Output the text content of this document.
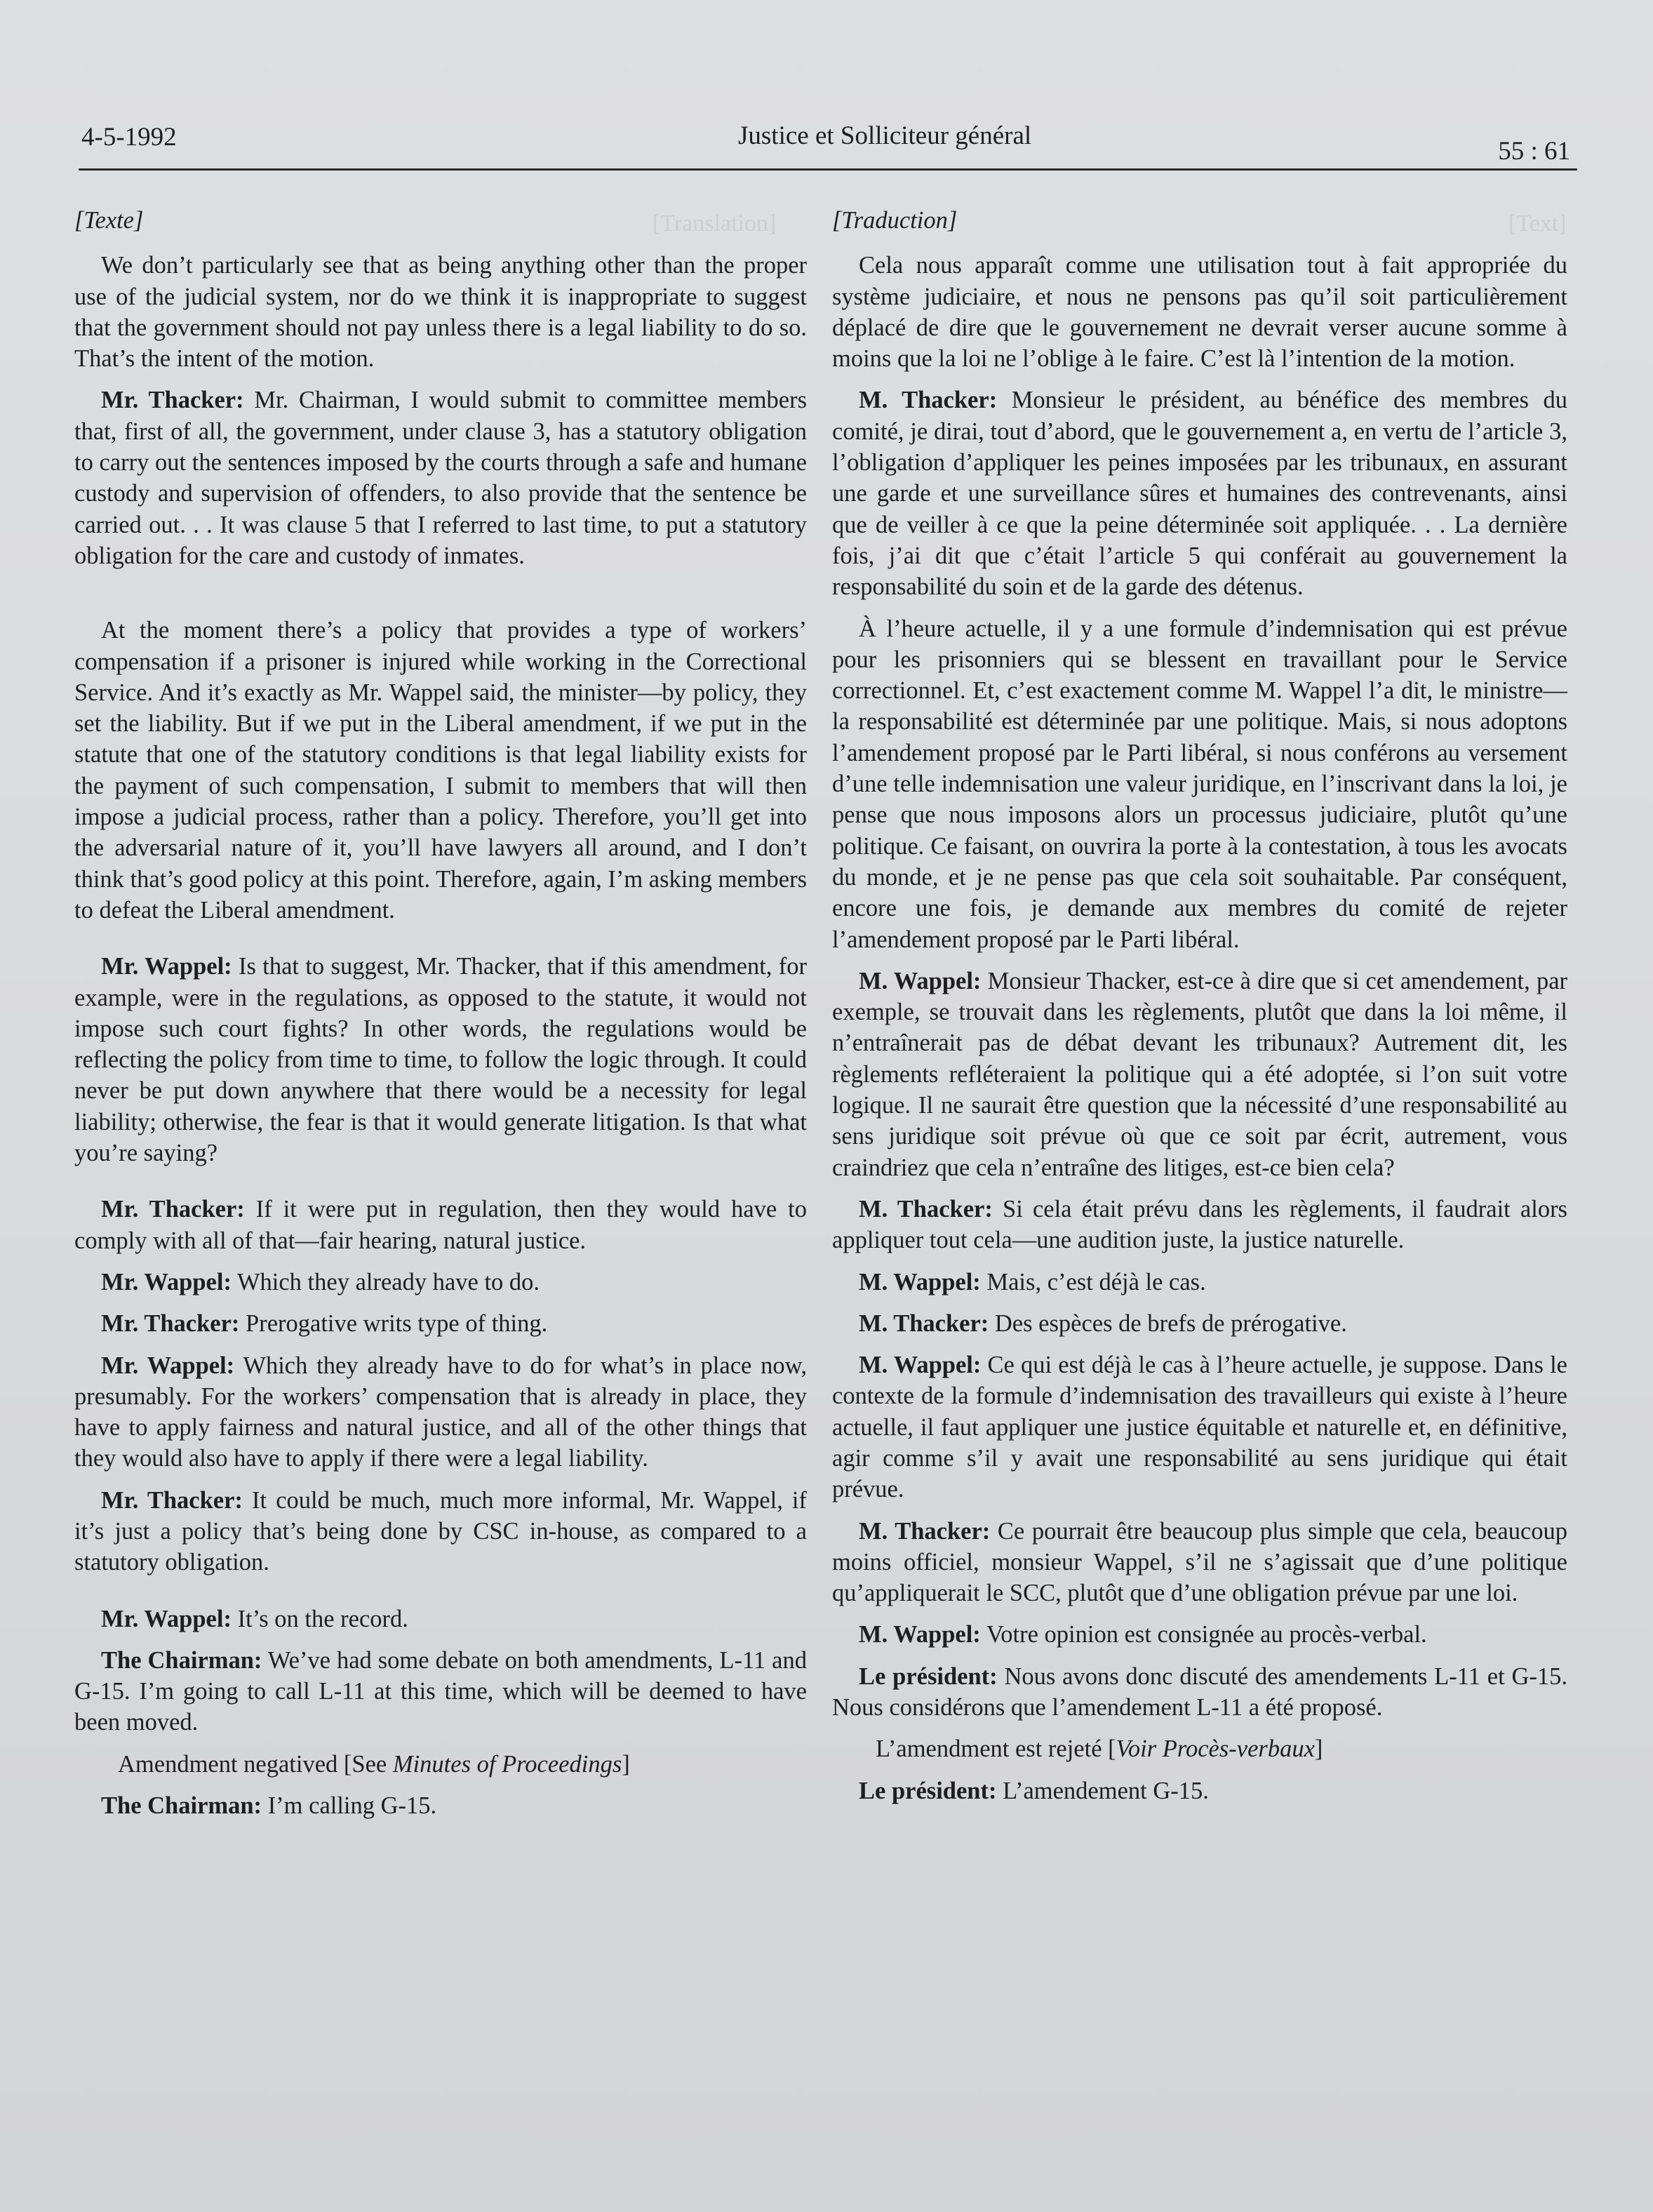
[Translation]	[Text]
4-5-1992	Justice et Solliciteur général
55 : 61

[Texte]

We don’t particularly see that as being anything other than the proper use of the judicial system, nor do we think it is inappropriate to suggest that the government should not pay unless there is a legal liability to do so. That’s the intent of the motion.

Mr. Thacker: Mr. Chairman, I would submit to committee members that, first of all, the government, under clause 3, has a statutory obligation to carry out the sentences imposed by the courts through a safe and humane custody and supervision of offenders, to also provide that the sentence be carried out. . . It was clause 5 that I referred to last time, to put a statutory obligation for the care and custody of inmates.

At the moment there’s a policy that provides a type of workers’ compensation if a prisoner is injured while working in the Correctional Service. And it’s exactly as Mr. Wappel said, the minister—by policy, they set the liability. But if we put in the Liberal amendment, if we put in the statute that one of the statutory conditions is that legal liability exists for the payment of such compensation, I submit to members that will then impose a judicial process, rather than a policy. Therefore, you’ll get into the adversarial nature of it, you’ll have lawyers all around, and I don’t think that’s good policy at this point. Therefore, again, I’m asking members to defeat the Liberal amendment.

Mr. Wappel: Is that to suggest, Mr. Thacker, that if this amendment, for example, were in the regulations, as opposed to the statute, it would not impose such court fights? In other words, the regulations would be reflecting the policy from time to time, to follow the logic through. It could never be put down anywhere that there would be a necessity for legal liability; otherwise, the fear is that it would generate litigation. Is that what you’re saying?

Mr. Thacker: If it were put in regulation, then they would have to comply with all of that—fair hearing, natural justice.

Mr. Wappel: Which they already have to do.

Mr. Thacker: Prerogative writs type of thing.

Mr. Wappel: Which they already have to do for what’s in place now, presumably. For the workers’ compensation that is already in place, they have to apply fairness and natural justice, and all of the other things that they would also have to apply if there were a legal liability.

Mr. Thacker: It could be much, much more informal, Mr. Wappel, if it’s just a policy that’s being done by CSC in-house, as compared to a statutory obligation.

Mr. Wappel: It’s on the record.

The Chairman: We’ve had some debate on both amendments, L-11 and G-15. I’m going to call L-11 at this time, which will be deemed to have been moved.

Amendment negatived [See Minutes of Proceedings]

The Chairman: I’m calling G-15.

[Traduction]

Cela nous apparaît comme une utilisation tout à fait appropriée du système judiciaire, et nous ne pensons pas qu’il soit particulièrement déplacé de dire que le gouvernement ne devrait verser aucune somme à moins que la loi ne l’oblige à le faire. C’est là l’intention de la motion.

M. Thacker: Monsieur le président, au bénéfice des membres du comité, je dirai, tout d’abord, que le gouvernement a, en vertu de l’article 3, l’obligation d’appliquer les peines imposées par les tribunaux, en assurant une garde et une surveillance sûres et humaines des contrevenants, ainsi que de veiller à ce que la peine déterminée soit appliquée. . . La dernière fois, j’ai dit que c’était l’article 5 qui conférait au gouvernement la responsabilité du soin et de la garde des détenus.

À l’heure actuelle, il y a une formule d’indemnisation qui est prévue pour les prisonniers qui se blessent en travaillant pour le Service correctionnel. Et, c’est exactement comme M. Wappel l’a dit, le ministre—la responsabilité est déterminée par une politique. Mais, si nous adoptons l’amendement proposé par le Parti libéral, si nous conférons au versement d’une telle indemnisation une valeur juridique, en l’inscrivant dans la loi, je pense que nous imposons alors un processus judiciaire, plutôt qu’une politique. Ce faisant, on ouvrira la porte à la contestation, à tous les avocats du monde, et je ne pense pas que cela soit souhaitable. Par conséquent, encore une fois, je demande aux membres du comité de rejeter l’amendement proposé par le Parti libéral.

M. Wappel: Monsieur Thacker, est-ce à dire que si cet amendement, par exemple, se trouvait dans les règlements, plutôt que dans la loi même, il n’entraînerait pas de débat devant les tribunaux? Autrement dit, les règlements refléteraient la politique qui a été adoptée, si l’on suit votre logique. Il ne saurait être question que la nécessité d’une responsabilité au sens juridique soit prévue où que ce soit par écrit, autrement, vous craindriez que cela n’entraîne des litiges, est-ce bien cela?

M. Thacker: Si cela était prévu dans les règlements, il faudrait alors appliquer tout cela—une audition juste, la justice naturelle.

M. Wappel: Mais, c’est déjà le cas.

M. Thacker: Des espèces de brefs de prérogative.

M. Wappel: Ce qui est déjà le cas à l’heure actuelle, je suppose. Dans le contexte de la formule d’indemnisation des travailleurs qui existe à l’heure actuelle, il faut appliquer une justice équitable et naturelle et, en définitive, agir comme s’il y avait une responsabilité au sens juridique qui était prévue.

M. Thacker: Ce pourrait être beaucoup plus simple que cela, beaucoup moins officiel, monsieur Wappel, s’il ne s’agissait que d’une politique qu’appliquerait le SCC, plutôt que d’une obligation prévue par une loi.

M. Wappel: Votre opinion est consignée au procès-verbal.

Le président: Nous avons donc discuté des amendements L-11 et G-15. Nous considérons que l’amendement L-11 a été proposé.

L’amendment est rejeté [Voir Procès-verbaux]

Le président: L’amendement G-15.
